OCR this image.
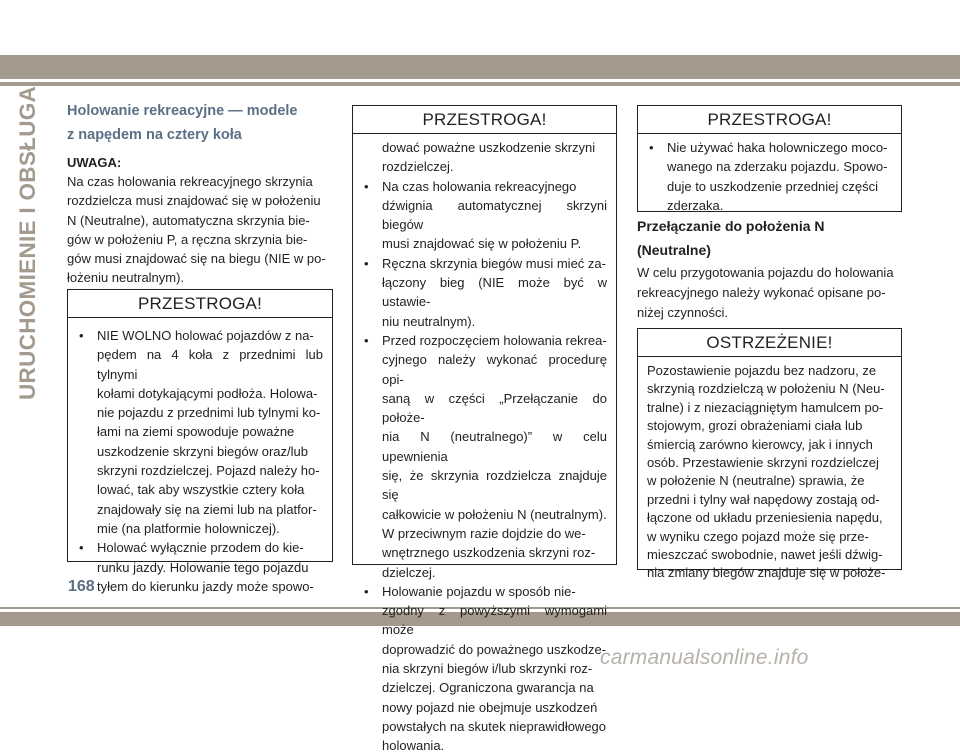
URUCHOMIENIE I OBSŁUGA Holowanie rekreacyjne — modele
z napędem na cztery koła
UWAGA:
Na czas holowania rekreacyjnego skrzynia
rozdzielcza musi znajdować się w położeniu
N (Neutralne), automatyczna skrzynia bie-
gów w położeniu P, a ręczna skrzynia bie-
gów musi znajdować się na biegu (NIE w po-
łożeniu neutralnym).
PRZESTROGA!
• NIE WOLNO holować pojazdów z na-
pędem na 4 koła z przednimi lub tylnymi
kołami dotykającymi podłoża. Holowa-
nie pojazdu z przednimi lub tylnymi ko-
łami na ziemi spowoduje poważne
uszkodzenie skrzyni biegów oraz/lub
skrzyni rozdzielczej. Pojazd należy ho-
lować, tak aby wszystkie cztery koła
znajdowały się na ziemi lub na platfor-
mie (na platformie holowniczej).
• Holować wyłącznie przodem do kie-
runku jazdy. Holowanie tego pojazdu
tyłem do kierunku jazdy może spowo-
PRZESTROGA!
dować poważne uszkodzenie skrzyni
rozdzielczej.
• Na czas holowania rekreacyjnego
dźwignia automatycznej skrzyni biegów
musi znajdować się w położeniu P.
• Ręczna skrzynia biegów musi mieć za-
łączony bieg (NIE może być w ustawie-
niu neutralnym).
• Przed rozpoczęciem holowania rekrea-
cyjnego należy wykonać procedurę opi-
saną w części „Przełączanie do położe-
nia N (neutralnego)” w celu upewnienia
się, że skrzynia rozdzielcza znajduje się
całkowicie w położeniu N (neutralnym).
W przeciwnym razie dojdzie do we-
wnętrznego uszkodzenia skrzyni roz-
dzielczej.
• Holowanie pojazdu w sposób nie-
zgodny z powyższymi wymogami może
doprowadzić do poważnego uszkodze-
nia skrzyni biegów i/lub skrzynki roz-
dzielczej. Ograniczona gwarancja na
nowy pojazd nie obejmuje uszkodzeń
powstałych na skutek nieprawidłowego
holowania.
PRZESTROGA!
• Nie używać haka holowniczego moco-
wanego na zderzaku pojazdu. Spowo-
duje to uszkodzenie przedniej części
zderzaka.
Przełączanie do położenia N
(Neutralne)
W celu przygotowania pojazdu do holowania
rekreacyjnego należy wykonać opisane po-
niżej czynności.
OSTRZEŻENIE!
Pozostawienie pojazdu bez nadzoru, ze
skrzynią rozdzielczą w położeniu N (Neu-
tralne) i z niezaciągniętym hamulcem po-
stojowym, grozi obrażeniami ciała lub
śmiercią zarówno kierowcy, jak i innych
osób. Przestawienie skrzyni rozdzielczej
w położenie N (neutralne) sprawia, że
przedni i tylny wał napędowy zostają od-
łączone od układu przeniesienia napędu,
w wyniku czego pojazd może się prze-
mieszczać swobodnie, nawet jeśli dźwig-
nia zmiany biegów znajduje się w położe-
168
carmanualsonline.info
